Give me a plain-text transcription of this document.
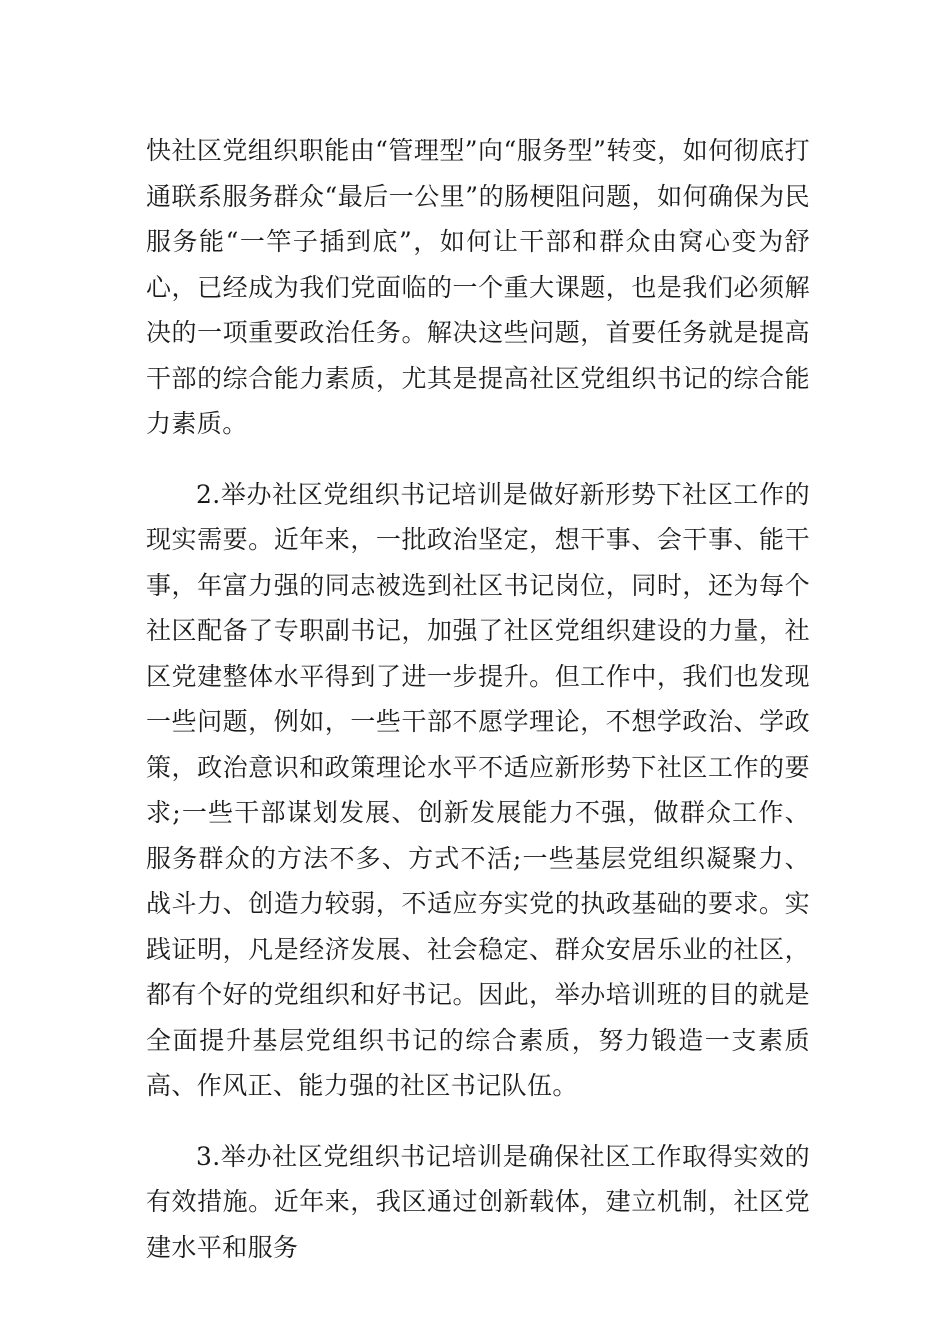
快社区党组织职能由“管理型”向“服务型”转变，如何彻底打通联系服务群众“最后一公里”的肠梗阻问题，如何确保为民服务能“一竿子插到底”，如何让干部和群众由窝心变为舒心，已经成为我们党面临的一个重大课题，也是我们必须解决的一项重要政治任务。解决这些问题，首要任务就是提高干部的综合能力素质，尤其是提高社区党组织书记的综合能力素质。

2.举办社区党组织书记培训是做好新形势下社区工作的现实需要。近年来，一批政治坚定，想干事、会干事、能干事，年富力强的同志被选到社区书记岗位，同时，还为每个社区配备了专职副书记，加强了社区党组织建设的力量，社区党建整体水平得到了进一步提升。但工作中，我们也发现一些问题，例如，一些干部不愿学理论，不想学政治、学政策，政治意识和政策理论水平不适应新形势下社区工作的要求;一些干部谋划发展、创新发展能力不强，做群众工作、服务群众的方法不多、方式不活;一些基层党组织凝聚力、战斗力、创造力较弱，不适应夯实党的执政基础的要求。实践证明，凡是经济发展、社会稳定、群众安居乐业的社区，都有个好的党组织和好书记。因此，举办培训班的目的就是全面提升基层党组织书记的综合素质，努力锻造一支素质高、作风正、能力强的社区书记队伍。

3.举办社区党组织书记培训是确保社区工作取得实效的有效措施。近年来，我区通过创新载体，建立机制，社区党建水平和服务
